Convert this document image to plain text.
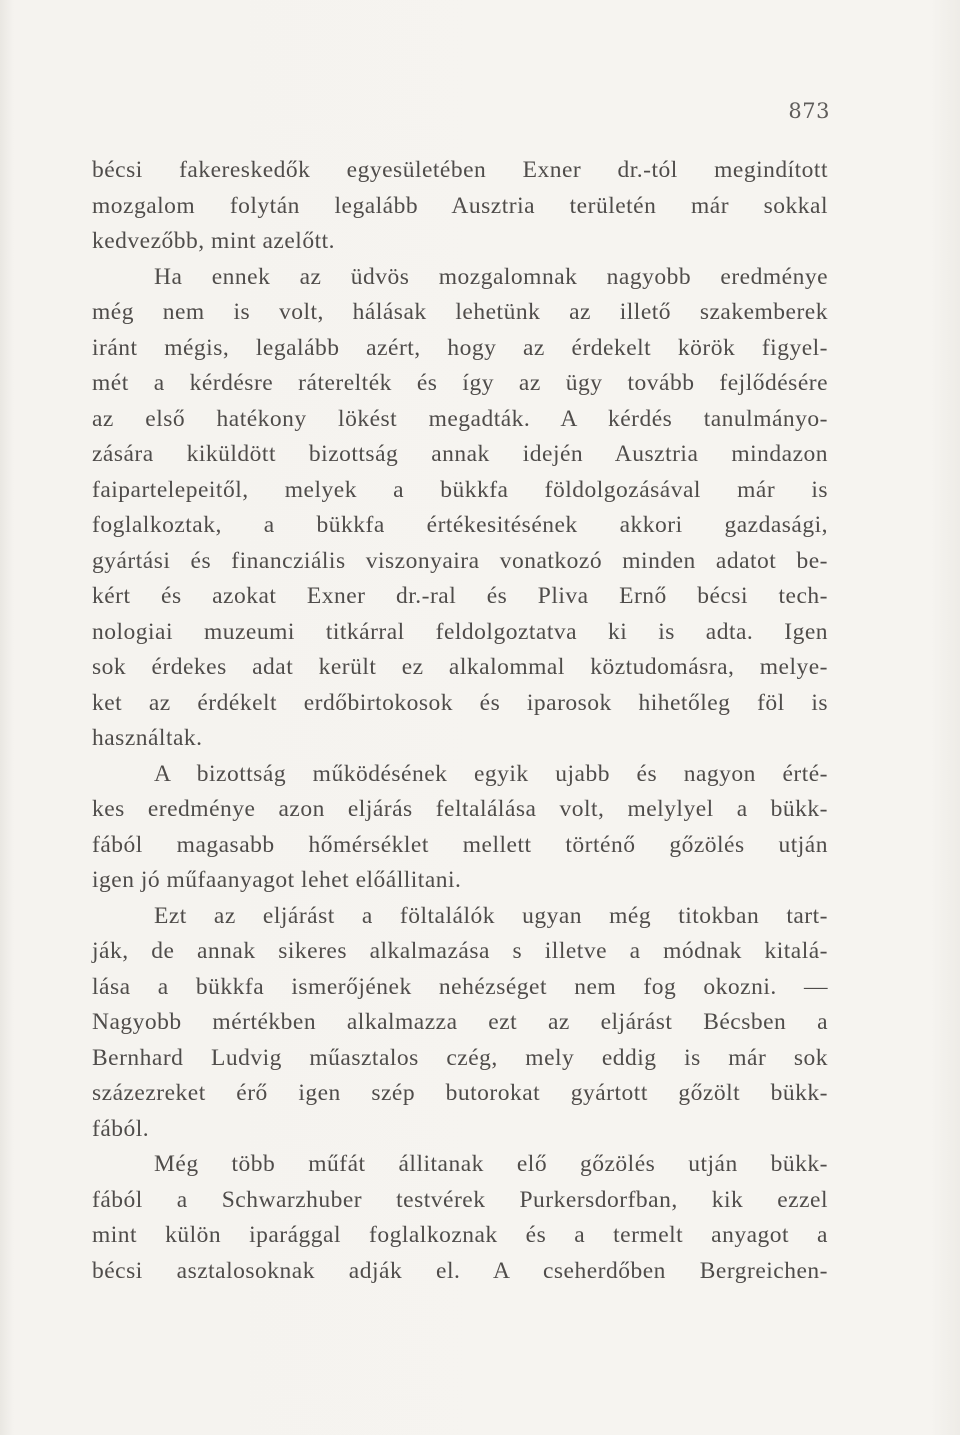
873
bécsi fakereskedők egyesületében Exner dr.-tól megindított
mozgalom folytán legalább Ausztria területén már sokkal
kedvezőbb, mint azelőtt.
Ha ennek az üdvös mozgalomnak nagyobb eredménye
még nem is volt, hálásak lehetünk az illető szakemberek
iránt mégis, legalább azért, hogy az érdekelt körök figyel-
mét a kérdésre ráterelték és így az ügy tovább fejlődésére
az első hatékony lökést megadták. A kérdés tanulmányo-
zására kiküldött bizottság annak idején Ausztria mindazon
faipartelepeitől, melyek a bükkfa földolgozásával már is
foglalkoztak, a bükkfa értékesitésének akkori gazdasági,
gyártási és financziális viszonyaira vonatkozó minden adatot be-
kért és azokat Exner dr.-ral és Pliva Ernő bécsi tech-
nologiai muzeumi titkárral feldolgoztatva ki is adta. Igen
sok érdekes adat került ez alkalommal köztudomásra, melye-
ket az érdékelt erdőbirtokosok és iparosok hihetőleg föl is
használtak.
A bizottság működésének egyik ujabb és nagyon érté-
kes eredménye azon eljárás feltalálása volt, melylyel a bükk-
fából magasabb hőmérséklet mellett történő gőzölés utján
igen jó műfaanyagot lehet előállitani.
Ezt az eljárást a föltalálók ugyan még titokban tart-
ják, de annak sikeres alkalmazása s illetve a módnak kitalá-
lása a bükkfa ismerőjének nehézséget nem fog okozni. —
Nagyobb mértékben alkalmazza ezt az eljárást Bécsben a
Bernhard Ludvig műasztalos czég, mely eddig is már sok
százezreket érő igen szép butorokat gyártott gőzölt bükk-
fából.
Még több műfát állitanak elő gőzölés utján bükk-
fából a Schwarzhuber testvérek Purkersdorfban, kik ezzel
mint külön iparággal foglalkoznak és a termelt anyagot a
bécsi asztalosoknak adják el. A cseherdőben Bergreichen-
